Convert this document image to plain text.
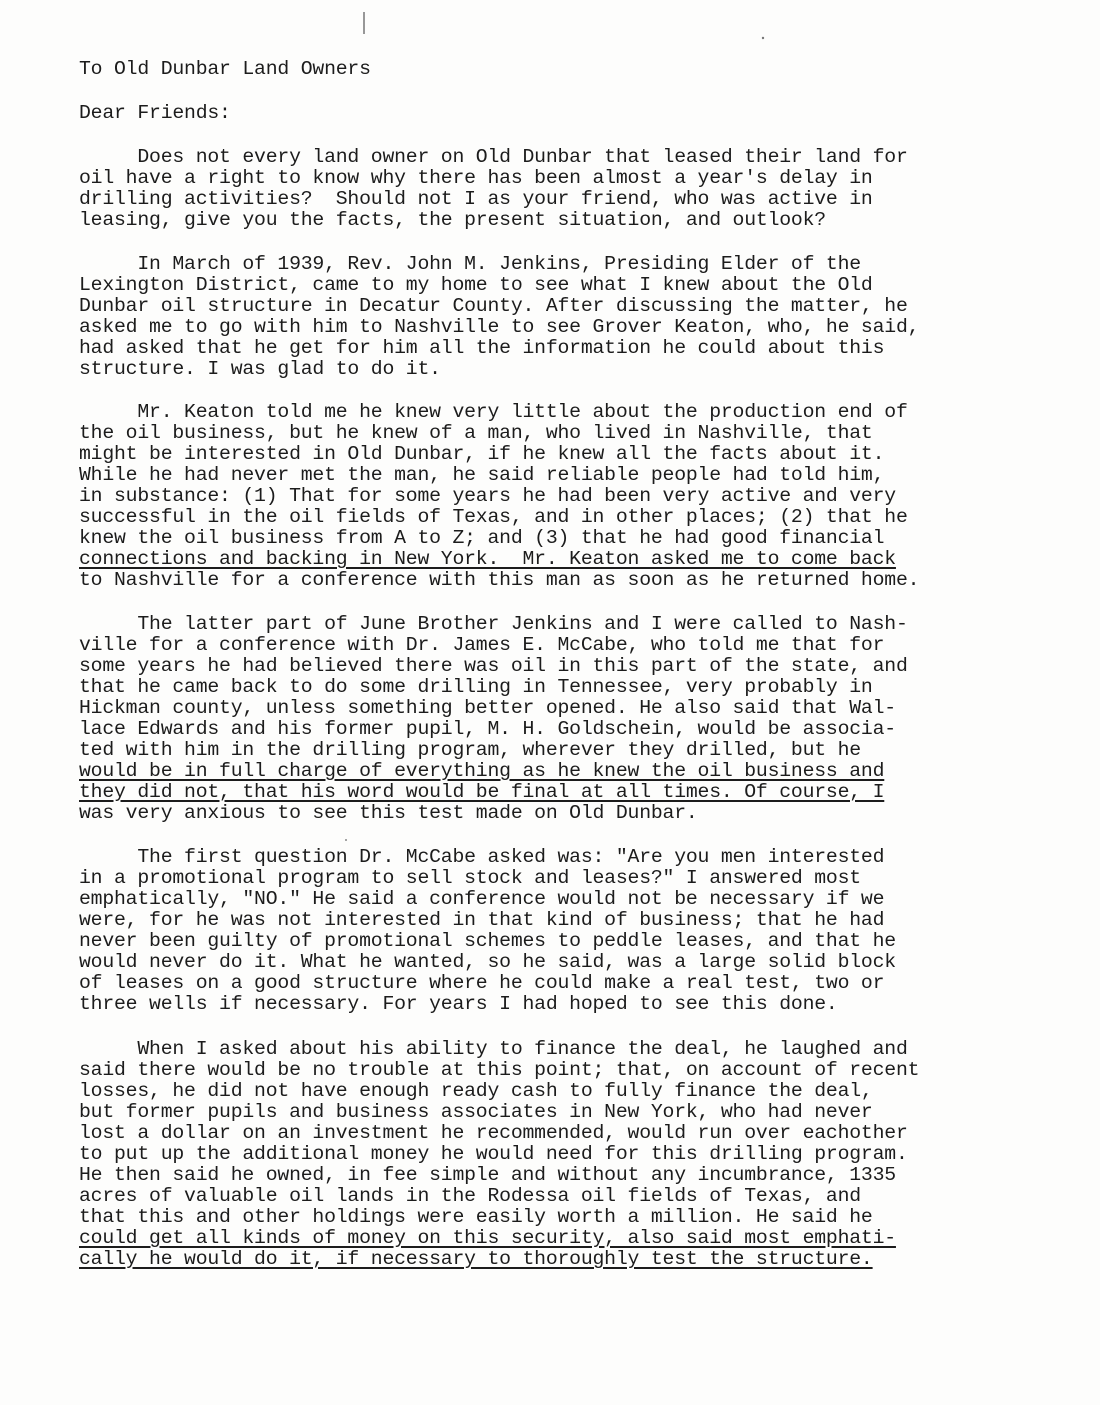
To Old Dunbar Land Owners
Dear Friends:
Does not every land owner on Old Dunbar that leased their land for
oil have a right to know why there has been almost a year's delay in
drilling activities?  Should not I as your friend, who was active in
leasing, give you the facts, the present situation, and outlook?
In March of 1939, Rev. John M. Jenkins, Presiding Elder of the
Lexington District, came to my home to see what I knew about the Old
Dunbar oil structure in Decatur County. After discussing the matter, he
asked me to go with him to Nashville to see Grover Keaton, who, he said,
had asked that he get for him all the information he could about this
structure. I was glad to do it.
Mr. Keaton told me he knew very little about the production end of
the oil business, but he knew of a man, who lived in Nashville, that
might be interested in Old Dunbar, if he knew all the facts about it.
While he had never met the man, he said reliable people had told him,
in substance: (1) That for some years he had been very active and very
successful in the oil fields of Texas, and in other places; (2) that he
knew the oil business from A to Z; and (3) that he had good financial
connections and backing in New York.  Mr. Keaton asked me to come back
to Nashville for a conference with this man as soon as he returned home.
The latter part of June Brother Jenkins and I were called to Nash-
ville for a conference with Dr. James E. McCabe, who told me that for
some years he had believed there was oil in this part of the state, and
that he came back to do some drilling in Tennessee, very probably in
Hickman county, unless something better opened. He also said that Wal-
lace Edwards and his former pupil, M. H. Goldschein, would be associa-
ted with him in the drilling program, wherever they drilled, but he
would be in full charge of everything as he knew the oil business and
they did not, that his word would be final at all times. Of course, I
was very anxious to see this test made on Old Dunbar.
The first question Dr. McCabe asked was: "Are you men interested
in a promotional program to sell stock and leases?" I answered most
emphatically, "NO." He said a conference would not be necessary if we
were, for he was not interested in that kind of business; that he had
never been guilty of promotional schemes to peddle leases, and that he
would never do it. What he wanted, so he said, was a large solid block
of leases on a good structure where he could make a real test, two or
three wells if necessary. For years I had hoped to see this done.
When I asked about his ability to finance the deal, he laughed and
said there would be no trouble at this point; that, on account of recent
losses, he did not have enough ready cash to fully finance the deal,
but former pupils and business associates in New York, who had never
lost a dollar on an investment he recommended, would run over eachother
to put up the additional money he would need for this drilling program.
He then said he owned, in fee simple and without any incumbrance, 1335
acres of valuable oil lands in the Rodessa oil fields of Texas, and
that this and other holdings were easily worth a million. He said he
could get all kinds of money on this security, also said most emphati-
cally he would do it, if necessary to thoroughly test the structure.
